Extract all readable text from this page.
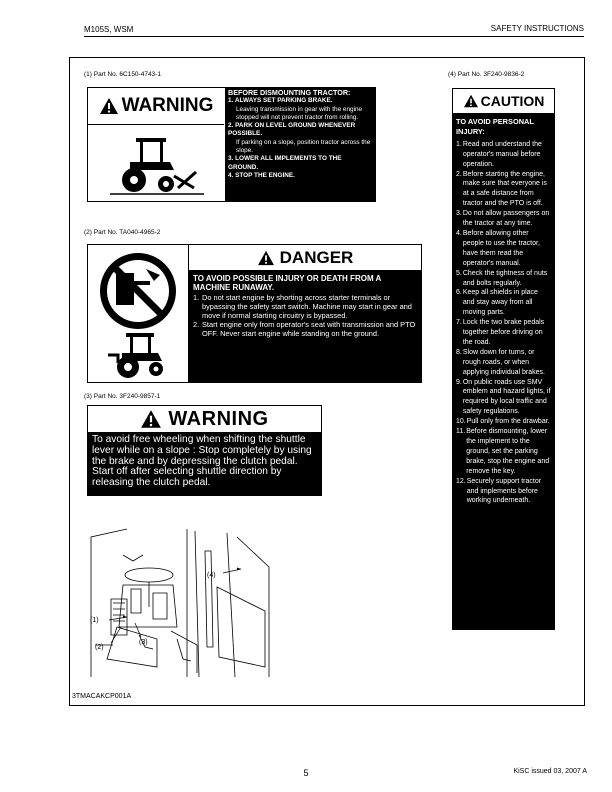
M105S, WSM	SAFETY INSTRUCTIONS
(1) Part No. 6C150-4743-1
WARNING
BEFORE DISMOUNTING TRACTOR:
1. ALWAYS SET PARKING BRAKE.
Leaving transmission in gear with the engine stopped will not prevent tractor from rolling.
2. PARK ON LEVEL GROUND WHENEVER POSSIBLE.
If parking on a slope, position tractor across the slope.
3. LOWER ALL IMPLEMENTS TO THE GROUND.
4. STOP THE ENGINE.
(2) Part No. TA040-4965-2
DANGER
TO AVOID POSSIBLE INJURY OR DEATH FROM A MACHINE RUNAWAY.
1. Do not start engine by shorting across starter terminals or bypassing the safety start switch. Machine may start in gear and move if normal starting circuitry is bypassed.
2. Start engine only from operator's seat with transmission and PTO OFF. Never start engine while standing on the ground.
(3) Part No. 3F240-9857-1
WARNING
To avoid free wheeling when shifting the shuttle lever while on a slope : Stop completely by using the brake and by depressing the clutch pedal. Start off after selecting shuttle direction by releasing the clutch pedal.
(4) Part No. 3F240-9836-2
CAUTION
TO AVOID PERSONAL INJURY:
1. Read and understand the operator's manual before operation.
2. Before starting the engine, make sure that everyone is at a safe distance from tractor and the PTO is off.
3. Do not allow passengers on the tractor at any time.
4. Before allowing other people to use the tractor, have them read the operator's manual.
5. Check the tightness of nuts and bolts regularly.
6. Keep all shields in place and stay away from all moving parts.
7. Lock the two brake pedals together before driving on the road.
8. Slow down for turns, or rough roads, or when applying individual brakes.
9. On public roads use SMV emblem and hazard lights, if required by local traffic and safety regulations.
10. Pull only from the drawbar.
11. Before dismounting, lower the implement to the ground, set the parking brake, stop the engine and remove the key.
12. Securely support tractor and implements before working underneath.
(1)
(2)
(3)
(4)
3TMACAKCP001A
5	KiSC issued 03, 2007 A
